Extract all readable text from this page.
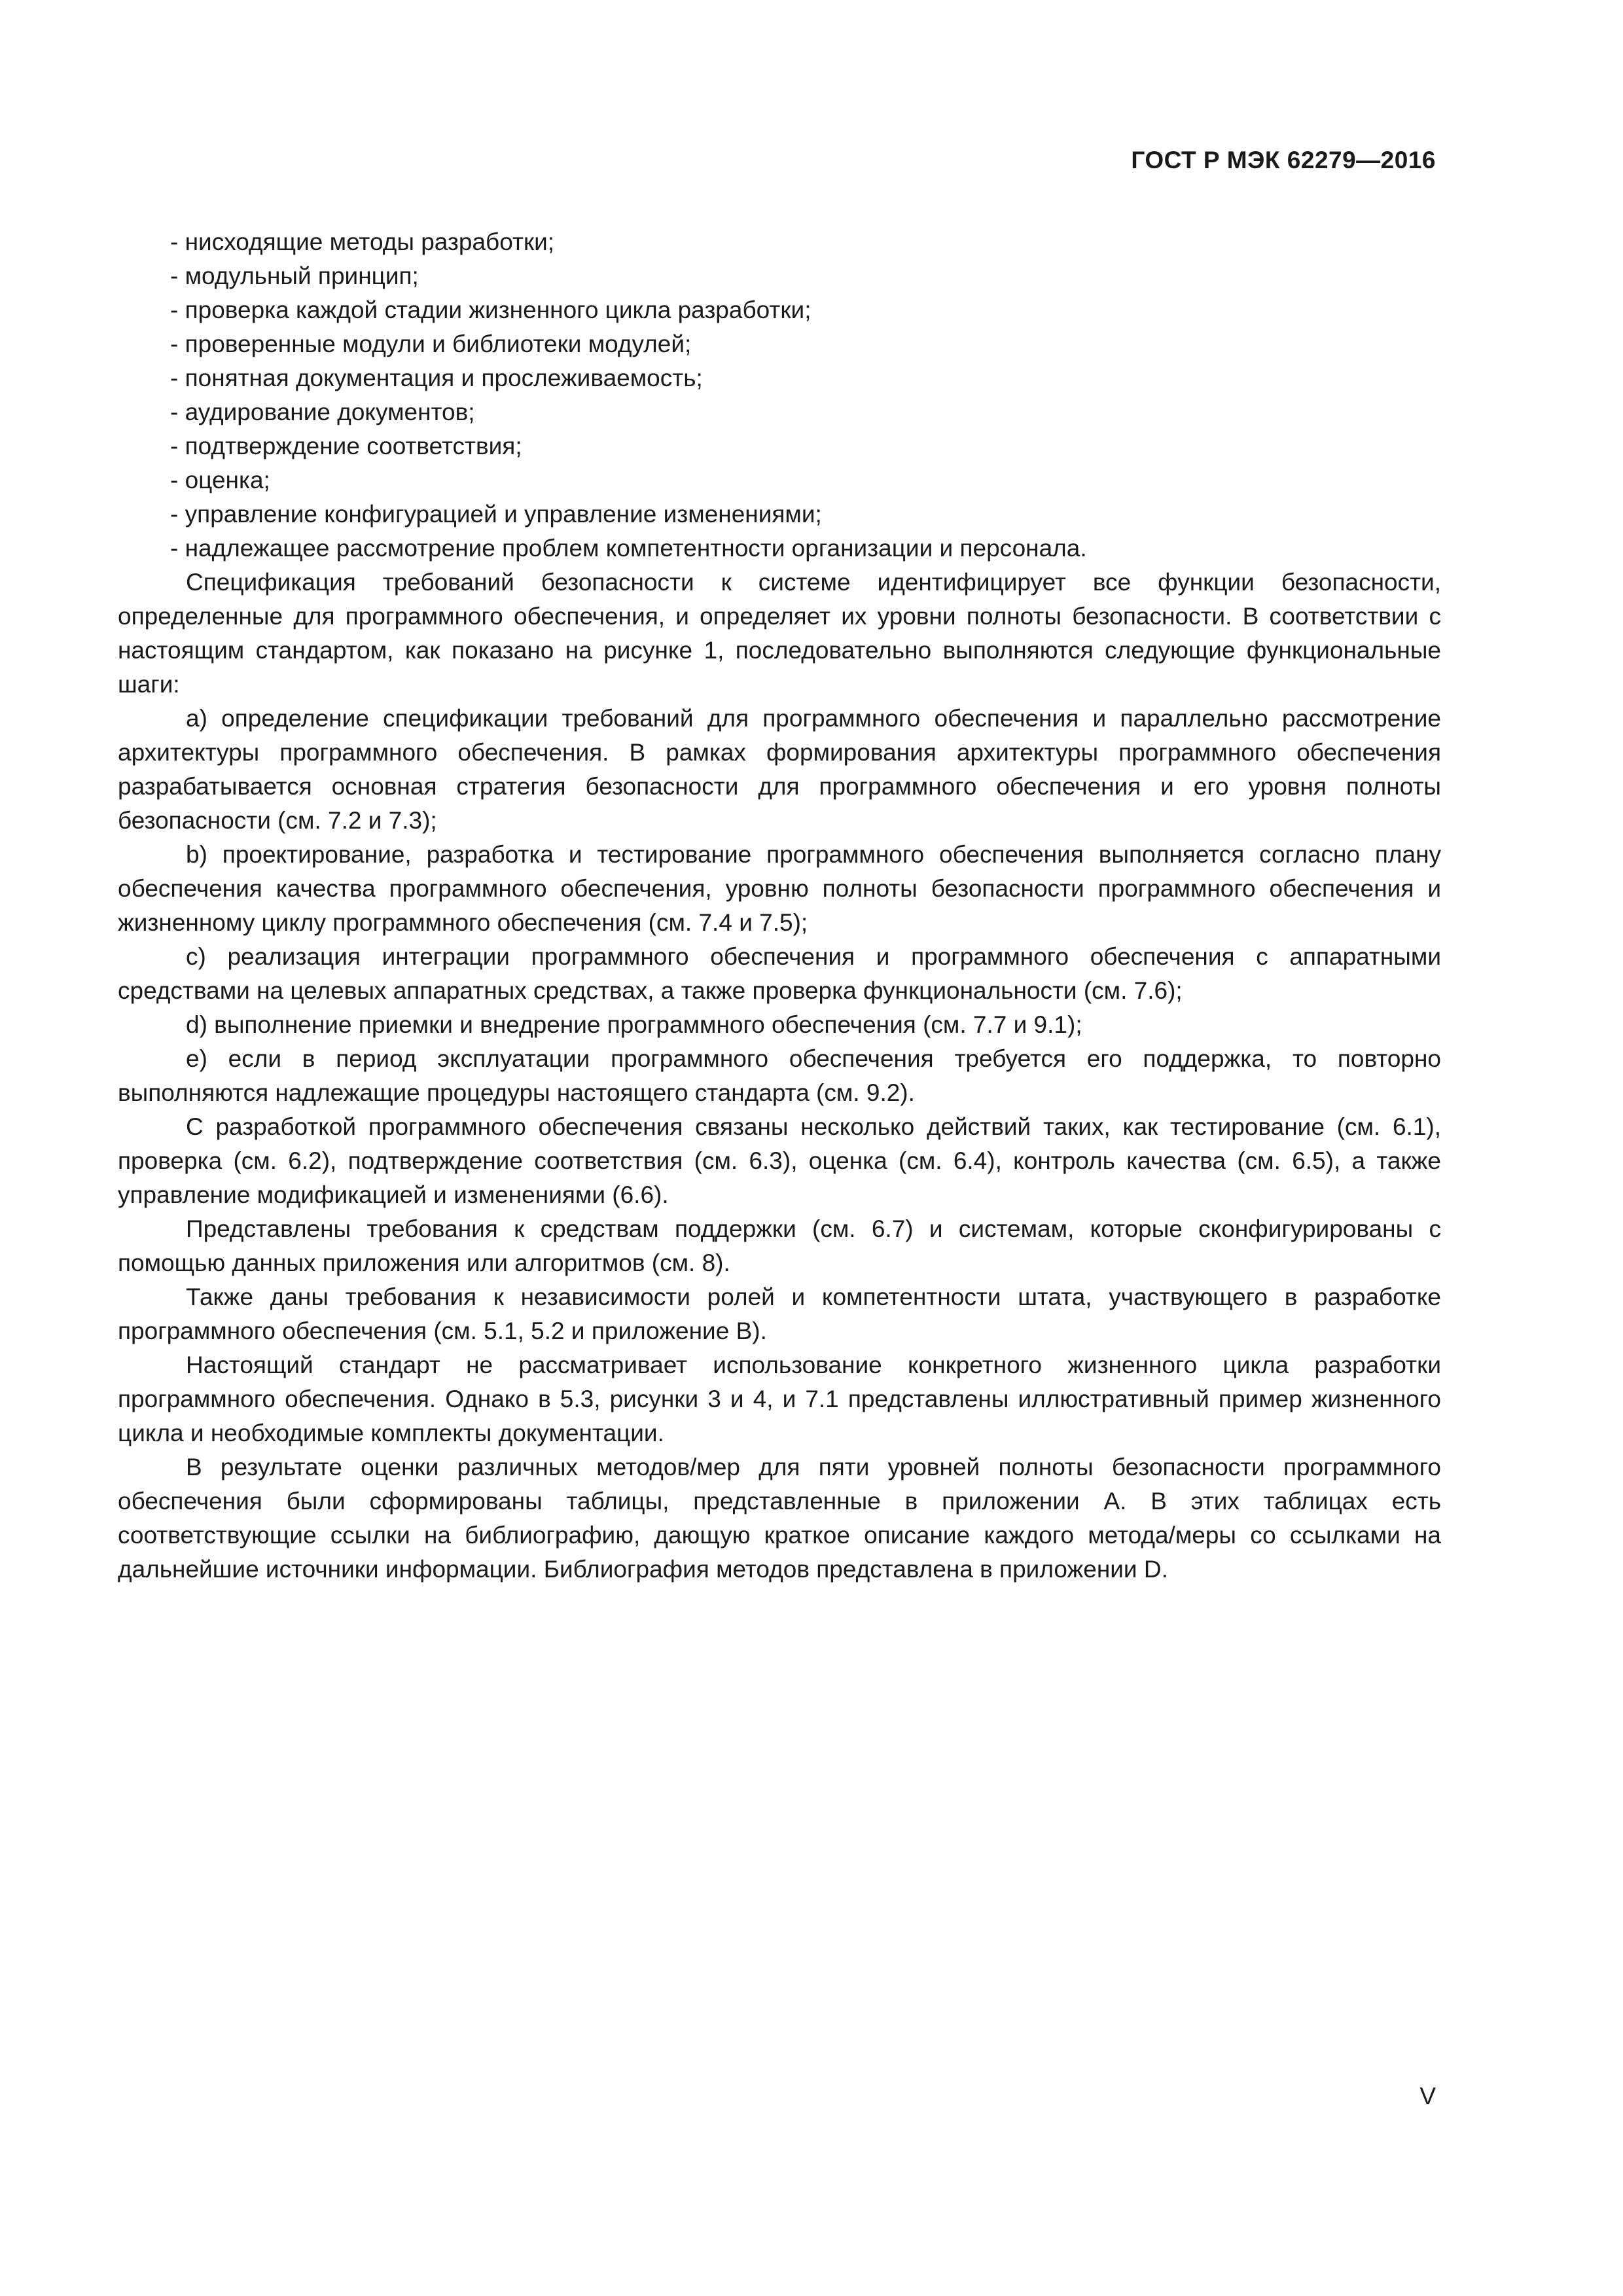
ГОСТ Р МЭК 62279—2016
- нисходящие методы разработки;
- модульный принцип;
- проверка каждой стадии жизненного цикла разработки;
- проверенные модули и библиотеки модулей;
- понятная документация и прослеживаемость;
- аудирование документов;
- подтверждение соответствия;
- оценка;
- управление конфигурацией и управление изменениями;
- надлежащее рассмотрение проблем компетентности организации и персонала.

Спецификация требований безопасности к системе идентифицирует все функции безопасности, определенные для программного обеспечения, и определяет их уровни полноты безопасности. В соответствии с настоящим стандартом, как показано на рисунке 1, последовательно выполняются следующие функциональные шаги:

а) определение спецификации требований для программного обеспечения и параллельно рассмотрение архитектуры программного обеспечения. В рамках формирования архитектуры программного обеспечения разрабатывается основная стратегия безопасности для программного обеспечения и его уровня полноты безопасности (см. 7.2 и 7.3);

b) проектирование, разработка и тестирование программного обеспечения выполняется согласно плану обеспечения качества программного обеспечения, уровню полноты безопасности программного обеспечения и жизненному циклу программного обеспечения (см. 7.4 и 7.5);

c) реализация интеграции программного обеспечения и программного обеспечения с аппаратными средствами на целевых аппаратных средствах, а также проверка функциональности (см. 7.6);

d) выполнение приемки и внедрение программного обеспечения (см. 7.7 и 9.1);

e) если в период эксплуатации программного обеспечения требуется его поддержка, то повторно выполняются надлежащие процедуры настоящего стандарта (см. 9.2).

С разработкой программного обеспечения связаны несколько действий таких, как тестирование (см. 6.1), проверка (см. 6.2), подтверждение соответствия (см. 6.3), оценка (см. 6.4), контроль качества (см. 6.5), а также управление модификацией и изменениями (6.6).

Представлены требования к средствам поддержки (см. 6.7) и системам, которые сконфигурированы с помощью данных приложения или алгоритмов (см. 8).

Также даны требования к независимости ролей и компетентности штата, участвующего в разработке программного обеспечения (см. 5.1, 5.2 и приложение В).

Настоящий стандарт не рассматривает использование конкретного жизненного цикла разработки программного обеспечения. Однако в 5.3, рисунки 3 и 4, и 7.1 представлены иллюстративный пример жизненного цикла и необходимые комплекты документации.

В результате оценки различных методов/мер для пяти уровней полноты безопасности программного обеспечения были сформированы таблицы, представленные в приложении А. В этих таблицах есть соответствующие ссылки на библиографию, дающую краткое описание каждого метода/меры со ссылками на дальнейшие источники информации. Библиография методов представлена в приложении D.

V
